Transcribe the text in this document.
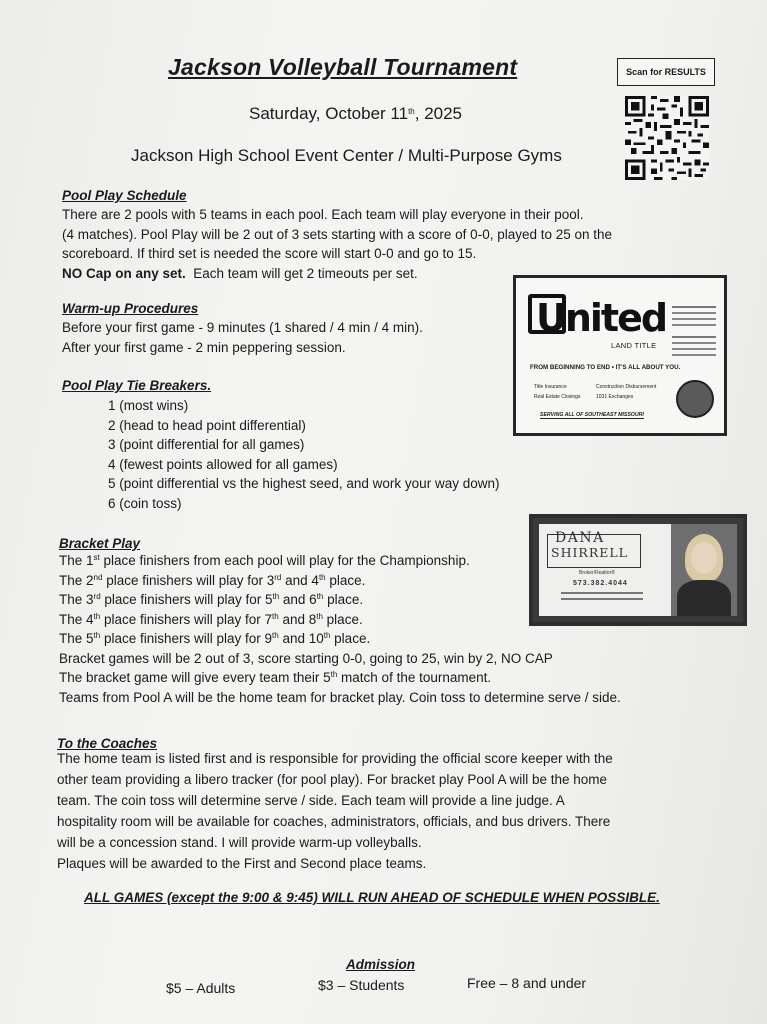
Jackson Volleyball Tournament	Scan for RESULTS
Saturday, October 11th, 2025
Jackson High School Event Center / Multi-Purpose Gyms
Pool Play Schedule
There are 2 pools with 5 teams in each pool. Each team will play everyone in their pool.
(4 matches). Pool Play will be 2 out of 3 sets starting with a score of 0-0, played to 25 on the
scoreboard. If third set is needed the score will start 0-0 and go to 15.
NO Cap on any set.  Each team will get 2 timeouts per set.
Warm-up Procedures
Before your first game - 9 minutes (1 shared / 4 min / 4 min).
After your first game - 2 min peppering session.
Pool Play Tie Breakers.
1 (most wins)
2 (head to head point differential)
3 (point differential for all games)
4 (fewest points allowed for all games)
5 (point differential vs the highest seed, and work your way down)
6 (coin toss)
Bracket Play
The 1st place finishers from each pool will play for the Championship.
The 2nd place finishers will play for 3rd and 4th place.
The 3rd place finishers will play for 5th and 6th place.
The 4th place finishers will play for 7th and 8th place.
The 5th place finishers will play for 9th and 10th place.
Bracket games will be 2 out of 3, score starting 0-0, going to 25, win by 2, NO CAP
The bracket game will give every team their 5th match of the tournament.
Teams from Pool A will be the home team for bracket play. Coin toss to determine serve / side.
To the Coaches
The home team is listed first and is responsible for providing the official score keeper with the
other team providing a libero tracker (for pool play). For bracket play Pool A will be the home
team. The coin toss will determine serve / side. Each team will provide a line judge. A
hospitality room will be available for coaches, administrators, officials, and bus drivers. There
will be a concession stand. I will provide warm-up volleyballs.
Plaques will be awarded to the First and Second place teams.
ALL GAMES (except the 9:00 & 9:45) WILL RUN AHEAD OF SCHEDULE WHEN POSSIBLE.
Admission
$5 – Adults	$3 – Students	Free – 8 and under
United
LAND TITLE
FROM BEGINNING TO END • IT'S ALL ABOUT YOU.
Title Insurance
Real Estate Closings
Construction Disbursement
1031 Exchanges
SERVING ALL OF SOUTHEAST MISSOURI
DANA
SHIRRELL
Broker/Realtor®
573.382.4044
